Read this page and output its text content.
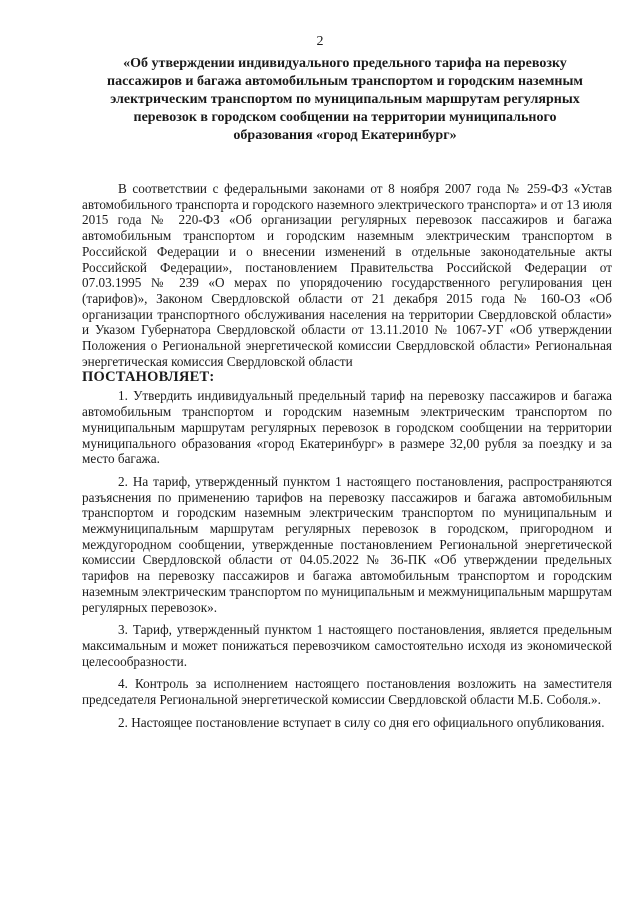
2
«Об утверждении индивидуального предельного тарифа на перевозку пассажиров и багажа автомобильным транспортом и городским наземным электрическим транспортом по муниципальным маршрутам регулярных перевозок в городском сообщении на территории муниципального образования «город Екатеринбург»

В соответствии с федеральными законами от 8 ноября 2007 года № 259-ФЗ «Устав автомобильного транспорта и городского наземного электрического транспорта» и от 13 июля 2015 года № 220-ФЗ «Об организации регулярных перевозок пассажиров и багажа автомобильным транспортом и городским наземным электрическим транспортом в Российской Федерации и о внесении изменений в отдельные законодательные акты Российской Федерации», постановлением Правительства Российской Федерации от 07.03.1995 № 239 «О мерах по упорядочению государственного регулирования цен (тарифов)», Законом Свердловской области от 21 декабря 2015 года № 160-ОЗ «Об организации транспортного обслуживания населения на территории Свердловской области» и Указом Губернатора Свердловской области от 13.11.2010 № 1067-УГ «Об утверждении Положения о Региональной энергетической комиссии Свердловской области» Региональная энергетическая комиссия Свердловской области

ПОСТАНОВЛЯЕТ:

1. Утвердить индивидуальный предельный тариф на перевозку пассажиров и багажа автомобильным транспортом и городским наземным электрическим транспортом по муниципальным маршрутам регулярных перевозок в городском сообщении на территории муниципального образования «город Екатеринбург» в размере 32,00 рубля за поездку и за место багажа.

2. На тариф, утвержденный пунктом 1 настоящего постановления, распространяются разъяснения по применению тарифов на перевозку пассажиров и багажа автомобильным транспортом и городским наземным электрическим транспортом по муниципальным и межмуниципальным маршрутам регулярных перевозок в городском, пригородном и междугородном сообщении, утвержденные постановлением Региональной энергетической комиссии Свердловской области от 04.05.2022 № 36-ПК «Об утверждении предельных тарифов на перевозку пассажиров и багажа автомобильным транспортом и городским наземным электрическим транспортом по муниципальным и межмуниципальным маршрутам регулярных перевозок».

3. Тариф, утвержденный пунктом 1 настоящего постановления, является предельным максимальным и может понижаться перевозчиком самостоятельно исходя из экономической целесообразности.

4. Контроль за исполнением настоящего постановления возложить на заместителя председателя Региональной энергетической комиссии Свердловской области М.Б. Соболя.».

2. Настоящее постановление вступает в силу со дня его официального опубликования.
